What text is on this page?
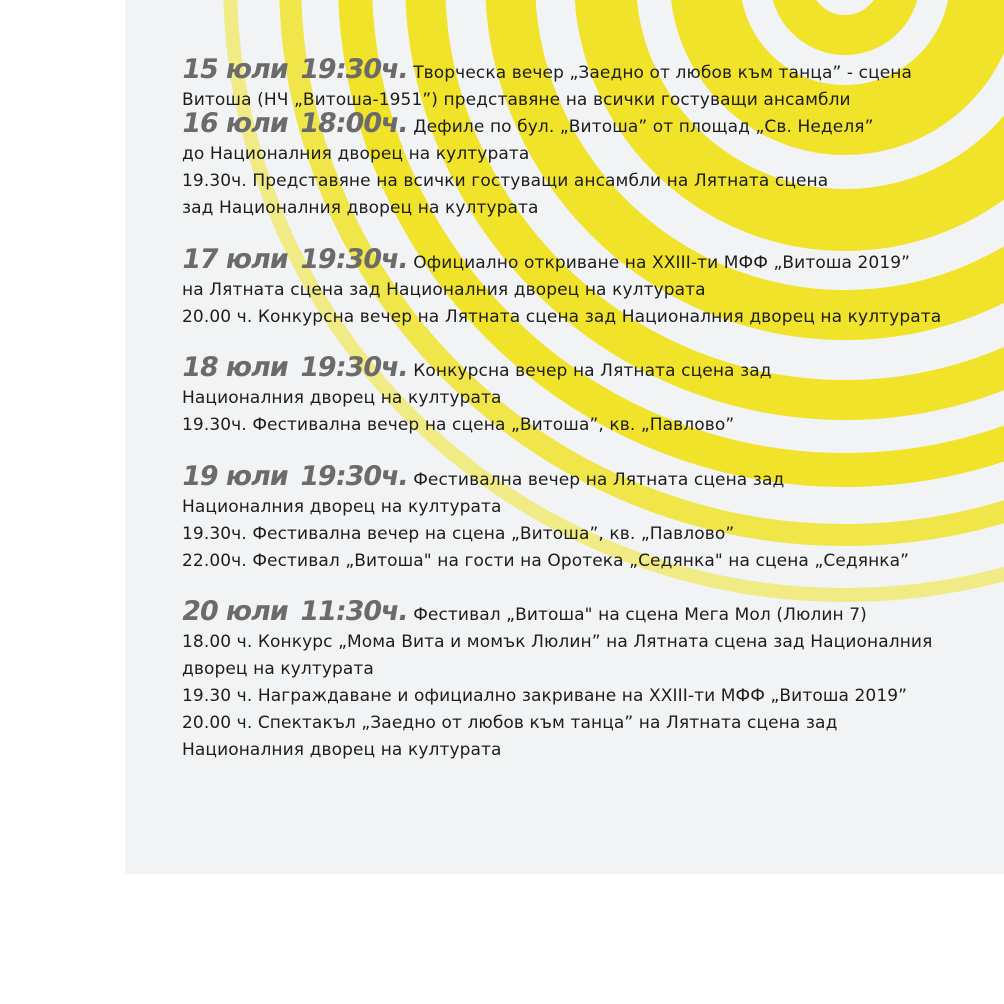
15 юли 19:30ч. Творческа вечер „Заедно от любов към танца” - сцена
Витоша (НЧ „Витоша-1951”) представяне на всички гостуващи ансамбли
16 юли 18:00ч. Дефиле по бул. „Витоша” от площад „Св. Неделя”
до Националния дворец на културата
19.30ч. Представяне на всички гостуващи ансамбли на Лятната сцена
зад Националния дворец на културата
17 юли 19:30ч. Официално откриване на XXIII-ти МФФ „Витоша 2019”
на Лятната сцена зад Националния дворец на културата
20.00 ч. Конкурсна вечер на Лятната сцена зад Националния дворец на културата
18 юли 19:30ч. Конкурсна вечер на Лятната сцена зад
Националния дворец на културата
19.30ч. Фестивална вечер на сцена „Витоша”, кв. „Павлово”
19 юли 19:30ч. Фестивална вечер на Лятната сцена зад
Националния дворец на културата
19.30ч. Фестивална вечер на сцена „Витоша”, кв. „Павлово”
22.00ч. Фестивал „Витоша" на гости на Оротека „Седянка" на сцена „Седянка”
20 юли 11:30ч. Фестивал „Витоша" на сцена Мега Мол (Люлин 7)
18.00 ч. Конкурс „Мома Вита и момък Люлин” на Лятната сцена зад Националния
дворец на културата
19.30 ч. Награждаване и официално закриване на XXIII-ти МФФ „Витоша 2019”
20.00 ч. Спектакъл „Заедно от любов към танца” на Лятната сцена зад
Националния дворец на културата
